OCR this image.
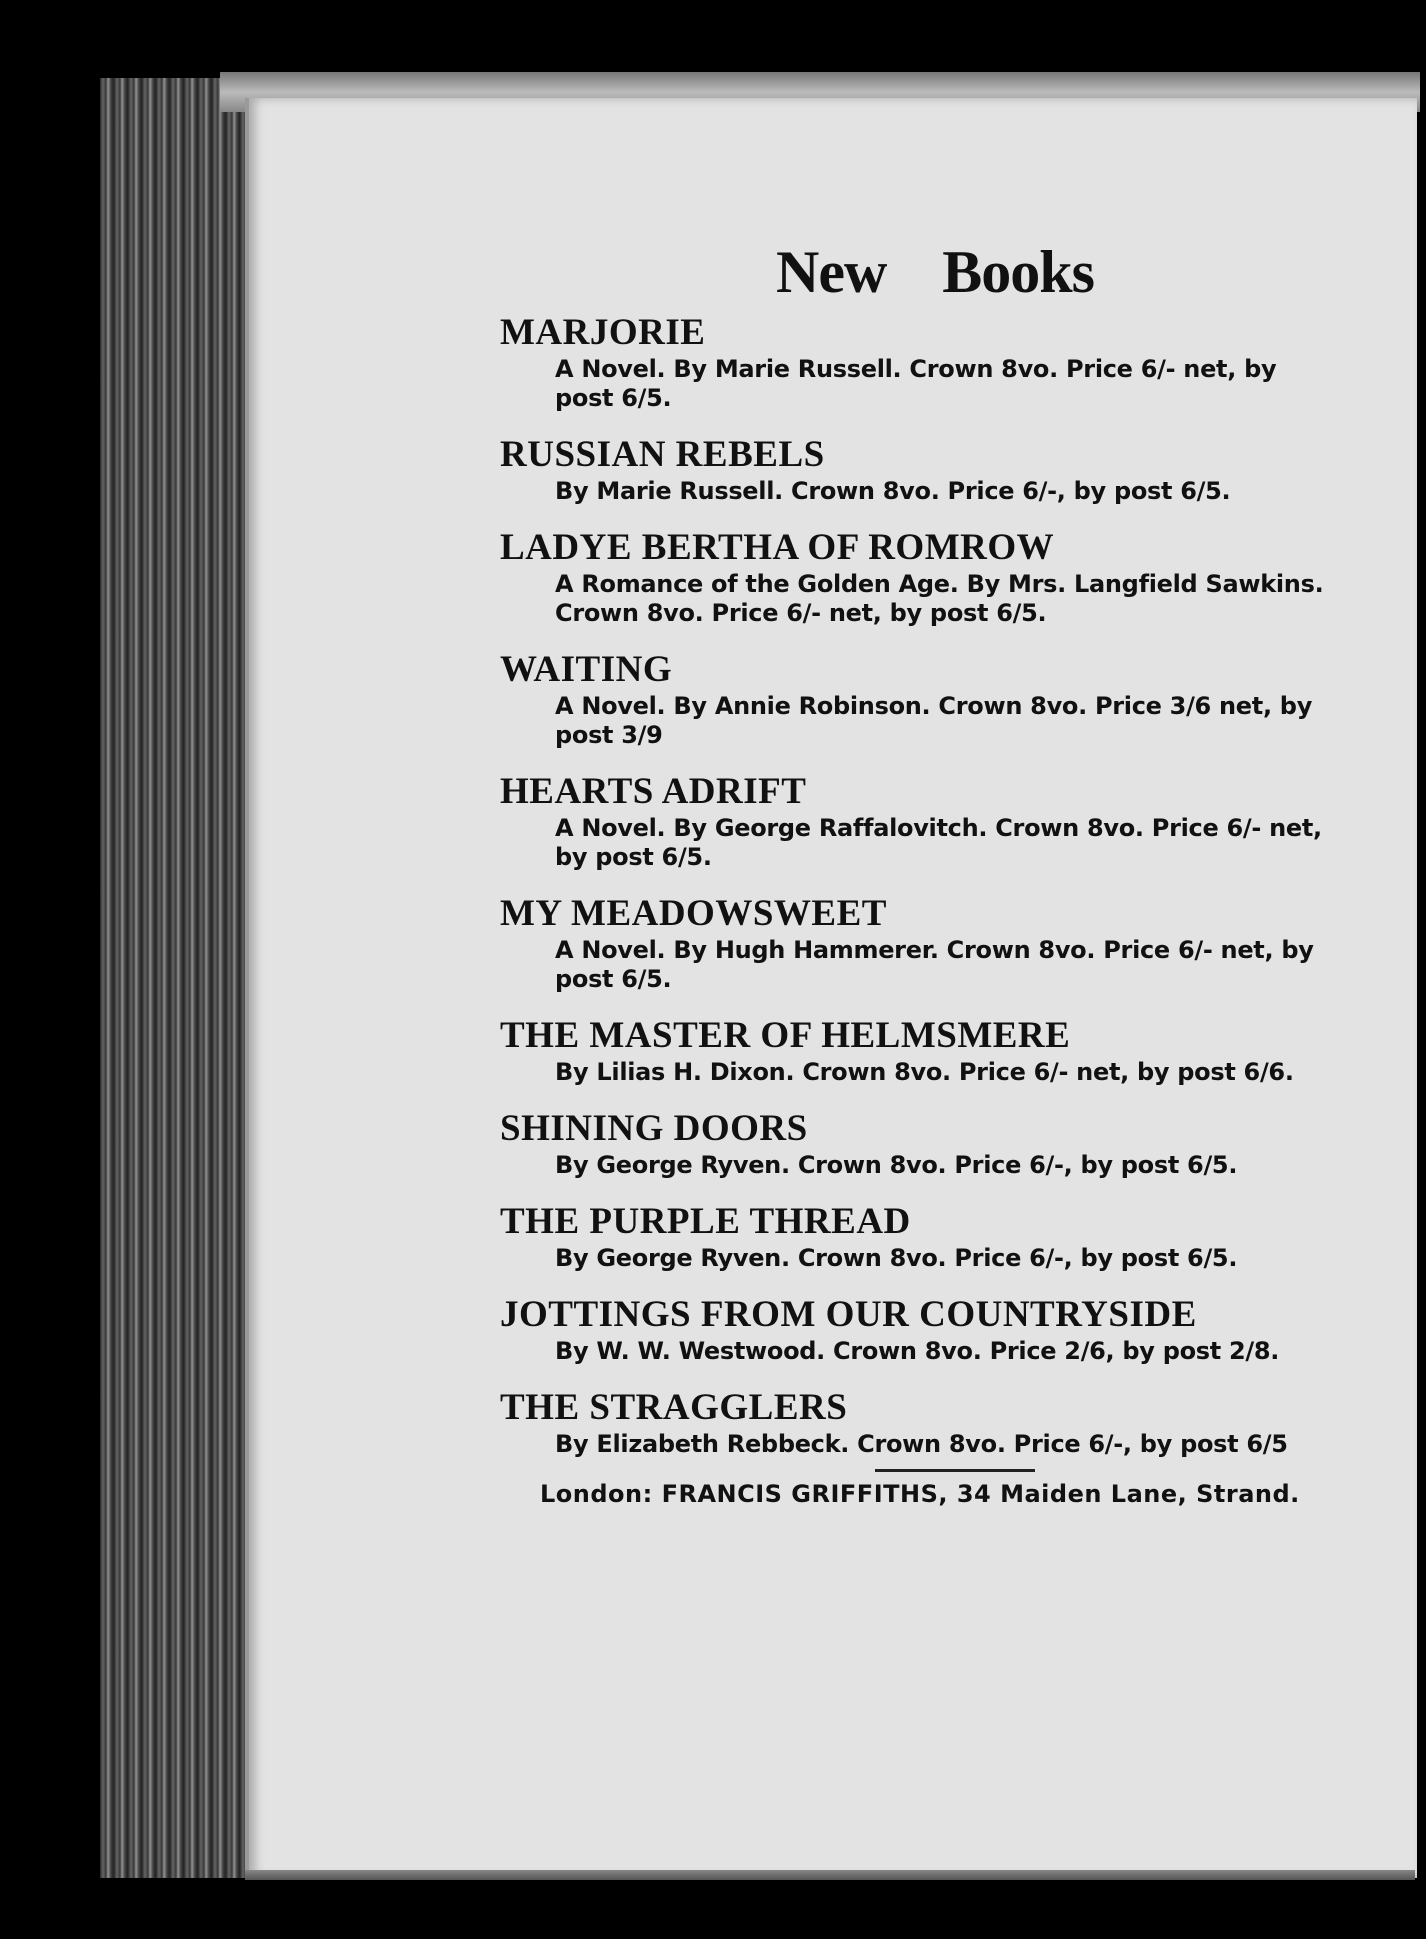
New Books
MARJORIE
A Novel. By Marie Russell. Crown 8vo. Price 6/- net, by post 6/5.
RUSSIAN REBELS
By Marie Russell. Crown 8vo. Price 6/-, by post 6/5.
LADYE BERTHA OF ROMROW
A Romance of the Golden Age. By Mrs. Langfield Sawkins. Crown 8vo. Price 6/- net, by post 6/5.
WAITING
A Novel. By Annie Robinson. Crown 8vo. Price 3/6 net, by post 3/9
HEARTS ADRIFT
A Novel. By George Raffalovitch. Crown 8vo. Price 6/- net, by post 6/5.
MY MEADOWSWEET
A Novel. By Hugh Hammerer. Crown 8vo. Price 6/- net, by post 6/5.
THE MASTER OF HELMSMERE
By Lilias H. Dixon. Crown 8vo. Price 6/- net, by post 6/6.
SHINING DOORS
By George Ryven. Crown 8vo. Price 6/-, by post 6/5.
THE PURPLE THREAD
By George Ryven. Crown 8vo. Price 6/-, by post 6/5.
JOTTINGS FROM OUR COUNTRYSIDE
By W. W. Westwood. Crown 8vo. Price 2/6, by post 2/8.
THE STRAGGLERS
By Elizabeth Rebbeck. Crown 8vo. Price 6/-, by post 6/5
London: FRANCIS GRIFFITHS, 34 Maiden Lane, Strand.
